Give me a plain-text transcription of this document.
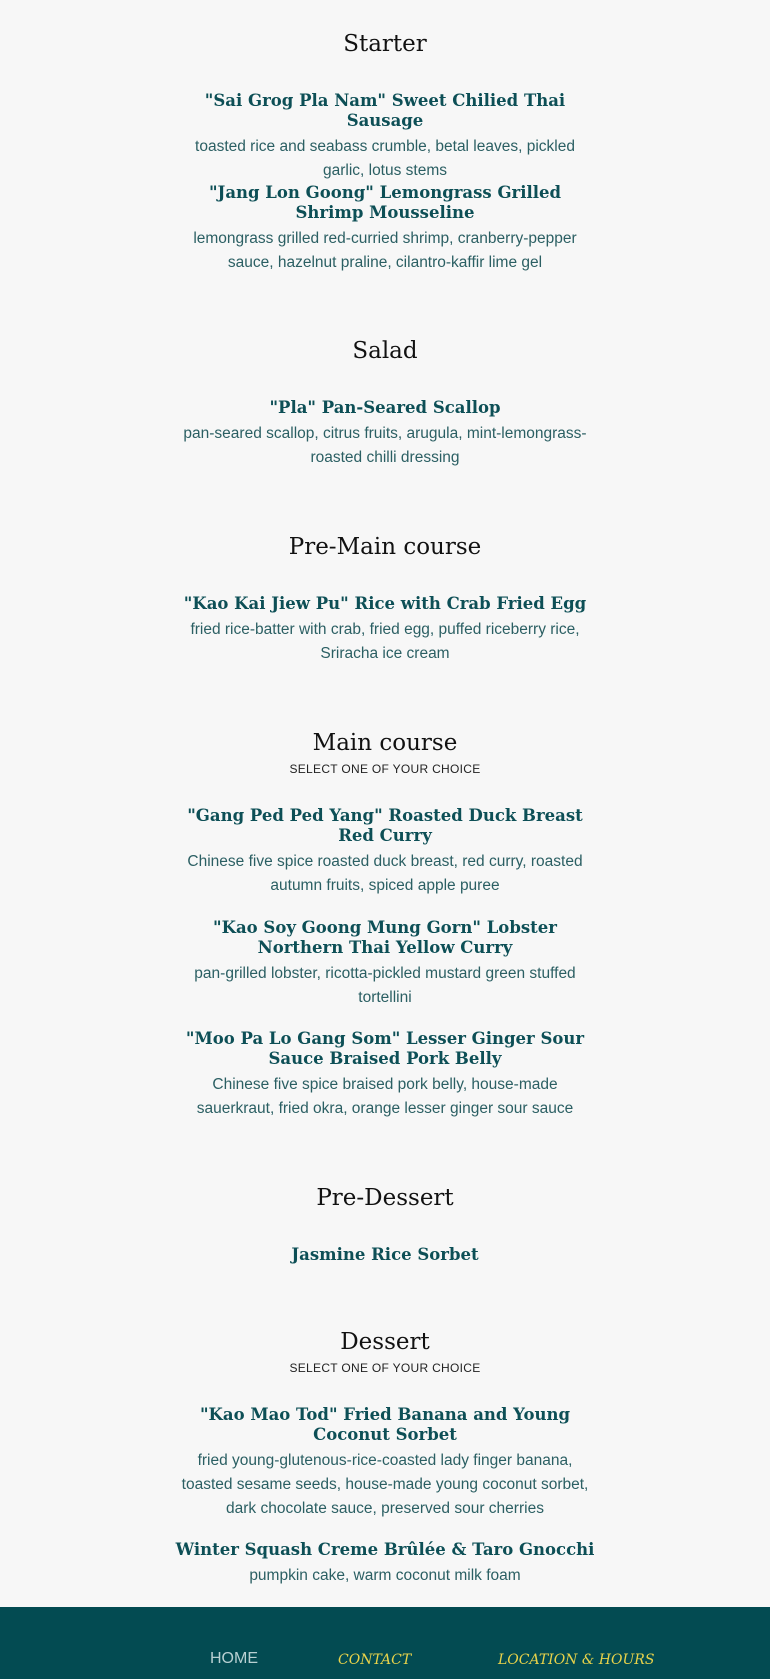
Starter
"Sai Grog Pla Nam" Sweet Chilied Thai Sausage
toasted rice and seabass crumble, betal leaves, pickled garlic, lotus stems
"Jang Lon Goong" Lemongrass Grilled Shrimp Mousseline
lemongrass grilled red-curried shrimp, cranberry-pepper sauce, hazelnut praline, cilantro-kaffir lime gel
Salad
"Pla" Pan-Seared Scallop
pan-seared scallop, citrus fruits, arugula, mint-lemongrass-roasted chilli dressing
Pre-Main course
"Kao Kai Jiew Pu" Rice with Crab Fried Egg
fried rice-batter with crab, fried egg, puffed riceberry rice, Sriracha ice cream
Main course
SELECT ONE OF YOUR CHOICE
"Gang Ped Ped Yang" Roasted Duck Breast Red Curry
Chinese five spice roasted duck breast, red curry, roasted autumn fruits, spiced apple puree
"Kao Soy Goong Mung Gorn" Lobster Northern Thai Yellow Curry
pan-grilled lobster, ricotta-pickled mustard green stuffed tortellini
"Moo Pa Lo Gang Som" Lesser Ginger Sour Sauce Braised Pork Belly
Chinese five spice braised pork belly, house-made sauerkraut, fried okra, orange lesser ginger sour sauce
Pre-Dessert
Jasmine Rice Sorbet
Dessert
SELECT ONE OF YOUR CHOICE
"Kao Mao Tod" Fried Banana and Young Coconut Sorbet
fried young-glutenous-rice-coasted lady finger banana, toasted sesame seeds, house-made young coconut sorbet, dark chocolate sauce, preserved sour cherries
Winter Squash Creme Brûlée & Taro Gnocchi
pumpkin cake, warm coconut milk foam
HOME	CONTACT	LOCATION & HOURS
